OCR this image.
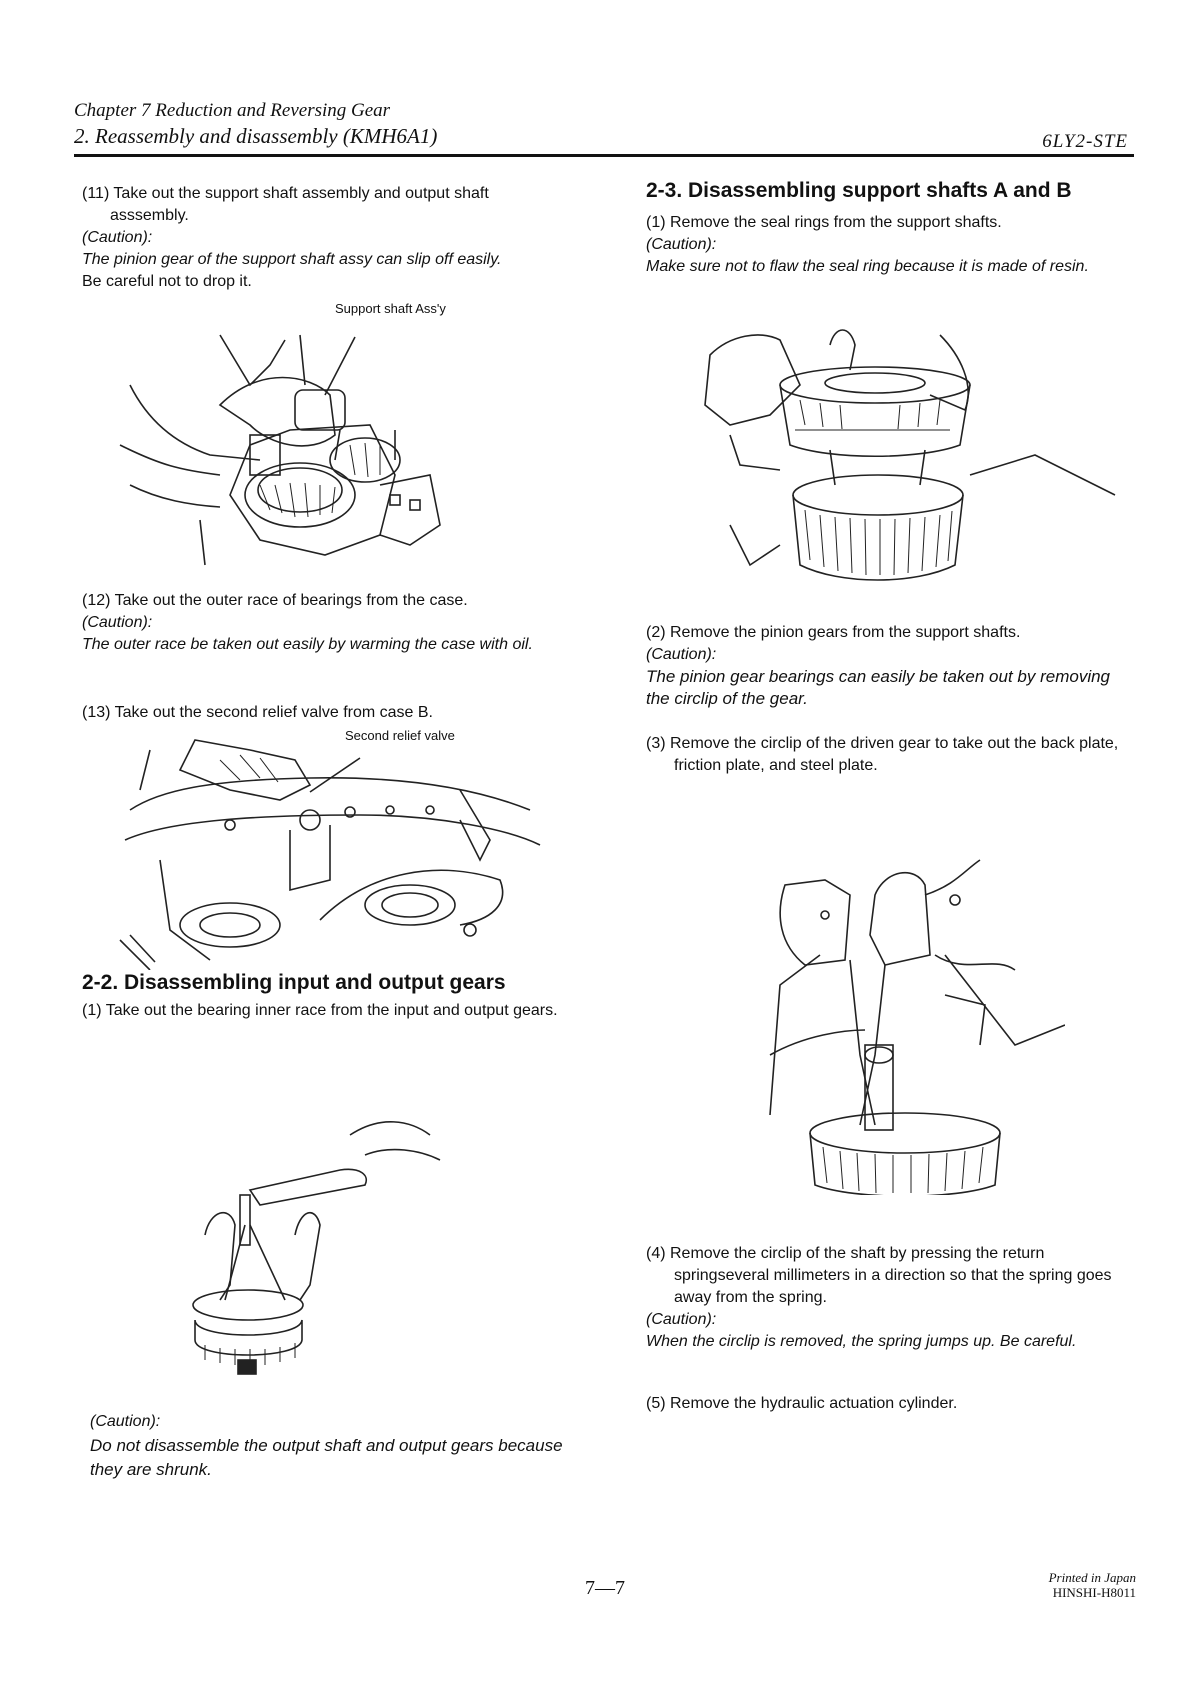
Chapter 7 Reduction and Reversing Gear
2. Reassembly and disassembly (KMH6A1)	6LY2-STE

(11) Take out the support shaft assembly and output shaft asssembly.

(Caution):

The pinion gear of the support shaft assy can slip off easily.

Be careful not to drop it.

Support shaft Ass'y

(12) Take out the outer race of bearings from the case.

(Caution):

The outer race be taken out easily by warming the case with oil.

(13) Take out the second relief valve from case B.

Second relief valve
2-2. Disassembling input and output gears

(1) Take out the bearing inner race from the input and output gears.

(Caution):

Do not disassemble the output shaft and output gears because they are shrunk.

2-3. Disassembling support shafts A and B

(1) Remove the seal rings from the support shafts.

(Caution):

Make sure not to flaw the seal ring because it is made of resin.

(2) Remove the pinion gears from the support shafts.

(Caution):

The pinion gear bearings can easily be taken out by removing the circlip of the gear.

(3) Remove the circlip of the driven gear to take out the back plate, friction plate, and steel plate.

(4) Remove the circlip of the shaft by pressing the return springseveral millimeters in a direction so that the spring goes away from the spring.

(Caution):

When the circlip is removed, the spring jumps up. Be careful.

(5) Remove the hydraulic actuation cylinder.

7—7	Printed in Japan
HINSHI-H8011
